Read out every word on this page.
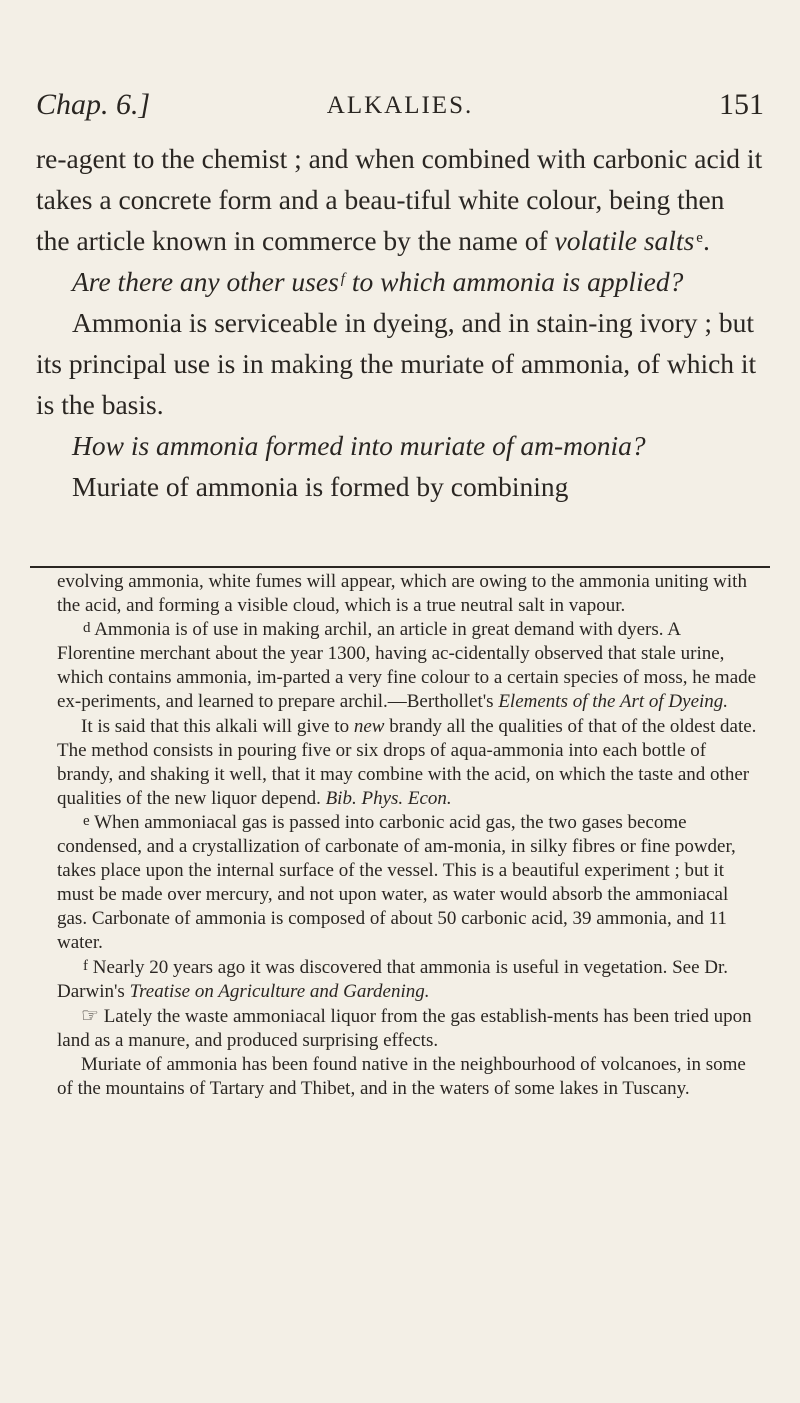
Chap. 6.]	ALKALIES.	151

re-agent to the chemist ; and when combined with carbonic acid it takes a concrete form and a beau-tiful white colour, being then the article known in commerce by the name of volatile salts $^e$.

Are there any other uses $^f$ to which ammonia is applied?

Ammonia is serviceable in dyeing, and in stain-ing ivory ; but its principal use is in making the muriate of ammonia, of which it is the basis.

How is ammonia formed into muriate of am-monia?

Muriate of ammonia is formed by combining

evolving ammonia, white fumes will appear, which are owing to the ammonia uniting with the acid, and forming a visible cloud, which is a true neutral salt in vapour.

$^d$ Ammonia is of use in making archil, an article in great demand with dyers. A Florentine merchant about the year 1300, having ac-cidentally observed that stale urine, which contains ammonia, im-parted a very fine colour to a certain species of moss, he made ex-periments, and learned to prepare archil.—Berthollet's Elements of the Art of Dyeing.

It is said that this alkali will give to new brandy all the qualities of that of the oldest date. The method consists in pouring five or six drops of aqua-ammonia into each bottle of brandy, and shaking it well, that it may combine with the acid, on which the taste and other qualities of the new liquor depend. Bib. Phys. Econ.

$^e$ When ammoniacal gas is passed into carbonic acid gas, the two gases become condensed, and a crystallization of carbonate of am-monia, in silky fibres or fine powder, takes place upon the internal surface of the vessel. This is a beautiful experiment ; but it must be made over mercury, and not upon water, as water would absorb the ammoniacal gas. Carbonate of ammonia is composed of about 50 carbonic acid, 39 ammonia, and 11 water.

$^f$ Nearly 20 years ago it was discovered that ammonia is useful in vegetation. See Dr. Darwin's Treatise on Agriculture and Gardening.

☞ Lately the waste ammoniacal liquor from the gas establish-ments has been tried upon land as a manure, and produced surprising effects.

Muriate of ammonia has been found native in the neighbourhood of volcanoes, in some of the mountains of Tartary and Thibet, and in the waters of some lakes in Tuscany.
